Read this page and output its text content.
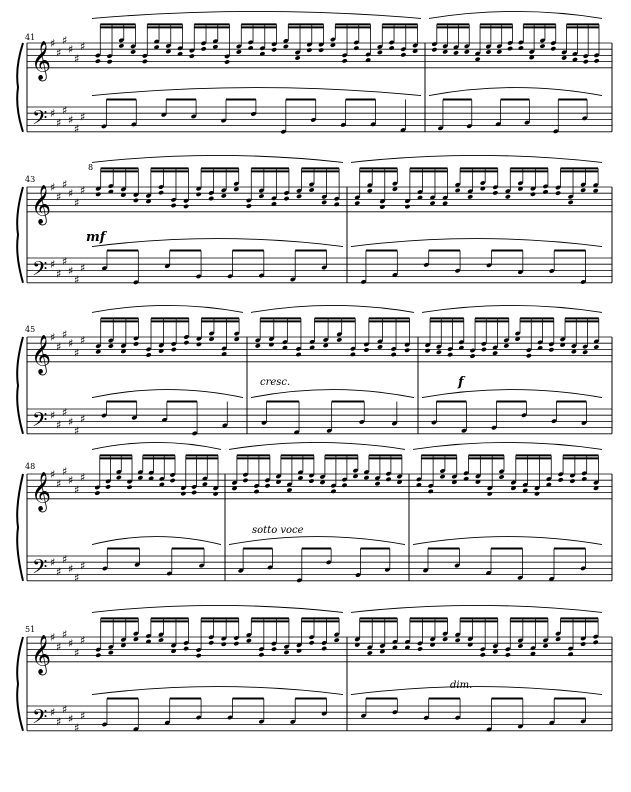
𝄞
𝄢
♯
♯
♯
♯
♯
♯
♯
♯
♯
♯
♯
♯
𝄞
𝄢
♯
♯
♯
♯
♯
♯
♯
♯
♯
♯
♯
♯
𝄞
𝄢
♯
♯
♯
♯
♯
♯
♯
♯
♯
♯
♯
♯
𝄞
𝄢
♯
♯
♯
♯
♯
♯
♯
♯
♯
♯
♯
♯
𝄞
𝄢
♯
♯
♯
♯
♯
♯
♯
♯
♯
♯
♯
♯
41
43
45
48
51
8
mf
cresc.	f
sotto voce
dim.
